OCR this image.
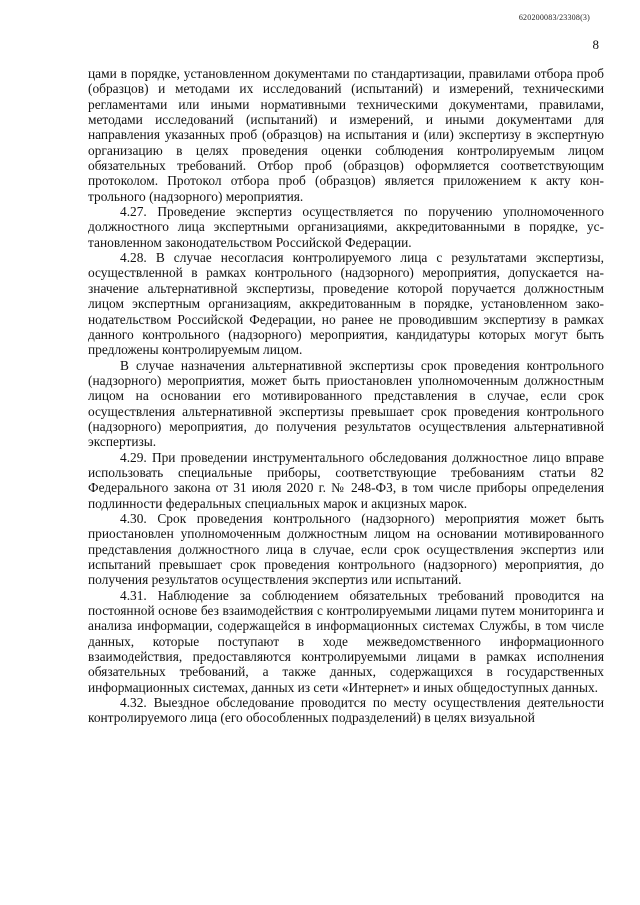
620200083/23308(3)
8

цами в порядке, установленном документами по стандартизации, правилами отбора проб (образцов) и методами их исследований (испытаний) и измерений, техническими регламентами или иными нормативными техническими документами, правилами, методами исследований (испытаний) и измерений, и иными документами для направления указанных проб (образцов) на испытания и (или) экспертизу в экспертную организацию в целях проведения оценки соблюдения контролируемым лицом обязательных требований. Отбор проб (образцов) оформляется соответствующим протоколом. Протокол отбора проб (образцов) является приложением к акту контрольного (надзорного) мероприятия.

4.27. Проведение экспертиз осуществляется по поручению уполномоченного должностного лица экспертными организациями, аккредитованными в порядке, установленном законодательством Российской Федерации.

4.28. В случае несогласия контролируемого лица с результатами экспертизы, осуществленной в рамках контрольного (надзорного) мероприятия, допускается назначение альтернативной экспертизы, проведение которой поручается должностным лицом экспертным организациям, аккредитованным в порядке, установленном законодательством Российской Федерации, но ранее не проводившим экспертизу в рамках данного контрольного (надзорного) мероприятия, кандидатуры которых могут быть предложены контролируемым лицом.

В случае назначения альтернативной экспертизы срок проведения контрольного (надзорного) мероприятия, может быть приостановлен уполномоченным должностным лицом на основании его мотивированного представления в случае, если срок осуществления альтернативной экспертизы превышает срок проведения контрольного (надзорного) мероприятия, до получения результатов осуществления альтернативной экспертизы.

4.29. При проведении инструментального обследования должностное лицо вправе использовать специальные приборы, соответствующие требованиям статьи 82 Федерального закона от 31 июля 2020 г. № 248-ФЗ, в том числе приборы определения подлинности федеральных специальных марок и акцизных марок.

4.30. Срок проведения контрольного (надзорного) мероприятия может быть приостановлен уполномоченным должностным лицом на основании мотивированного представления должностного лица в случае, если срок осуществления экспертиз или испытаний превышает срок проведения контрольного (надзорного) мероприятия, до получения результатов осуществления экспертиз или испытаний.

4.31. Наблюдение за соблюдением обязательных требований проводится на постоянной основе без взаимодействия с контролируемыми лицами путем мониторинга и анализа информации, содержащейся в информационных системах Службы, в том числе данных, которые поступают в ходе межведомственного информационного взаимодействия, предоставляются контролируемыми лицами в рамках исполнения обязательных требований, а также данных, содержащихся в государственных информационных системах, данных из сети «Интернет» и иных общедоступных данных.

4.32. Выездное обследование проводится по месту осуществления деятельности контролируемого лица (его обособленных подразделений) в целях визуальной
